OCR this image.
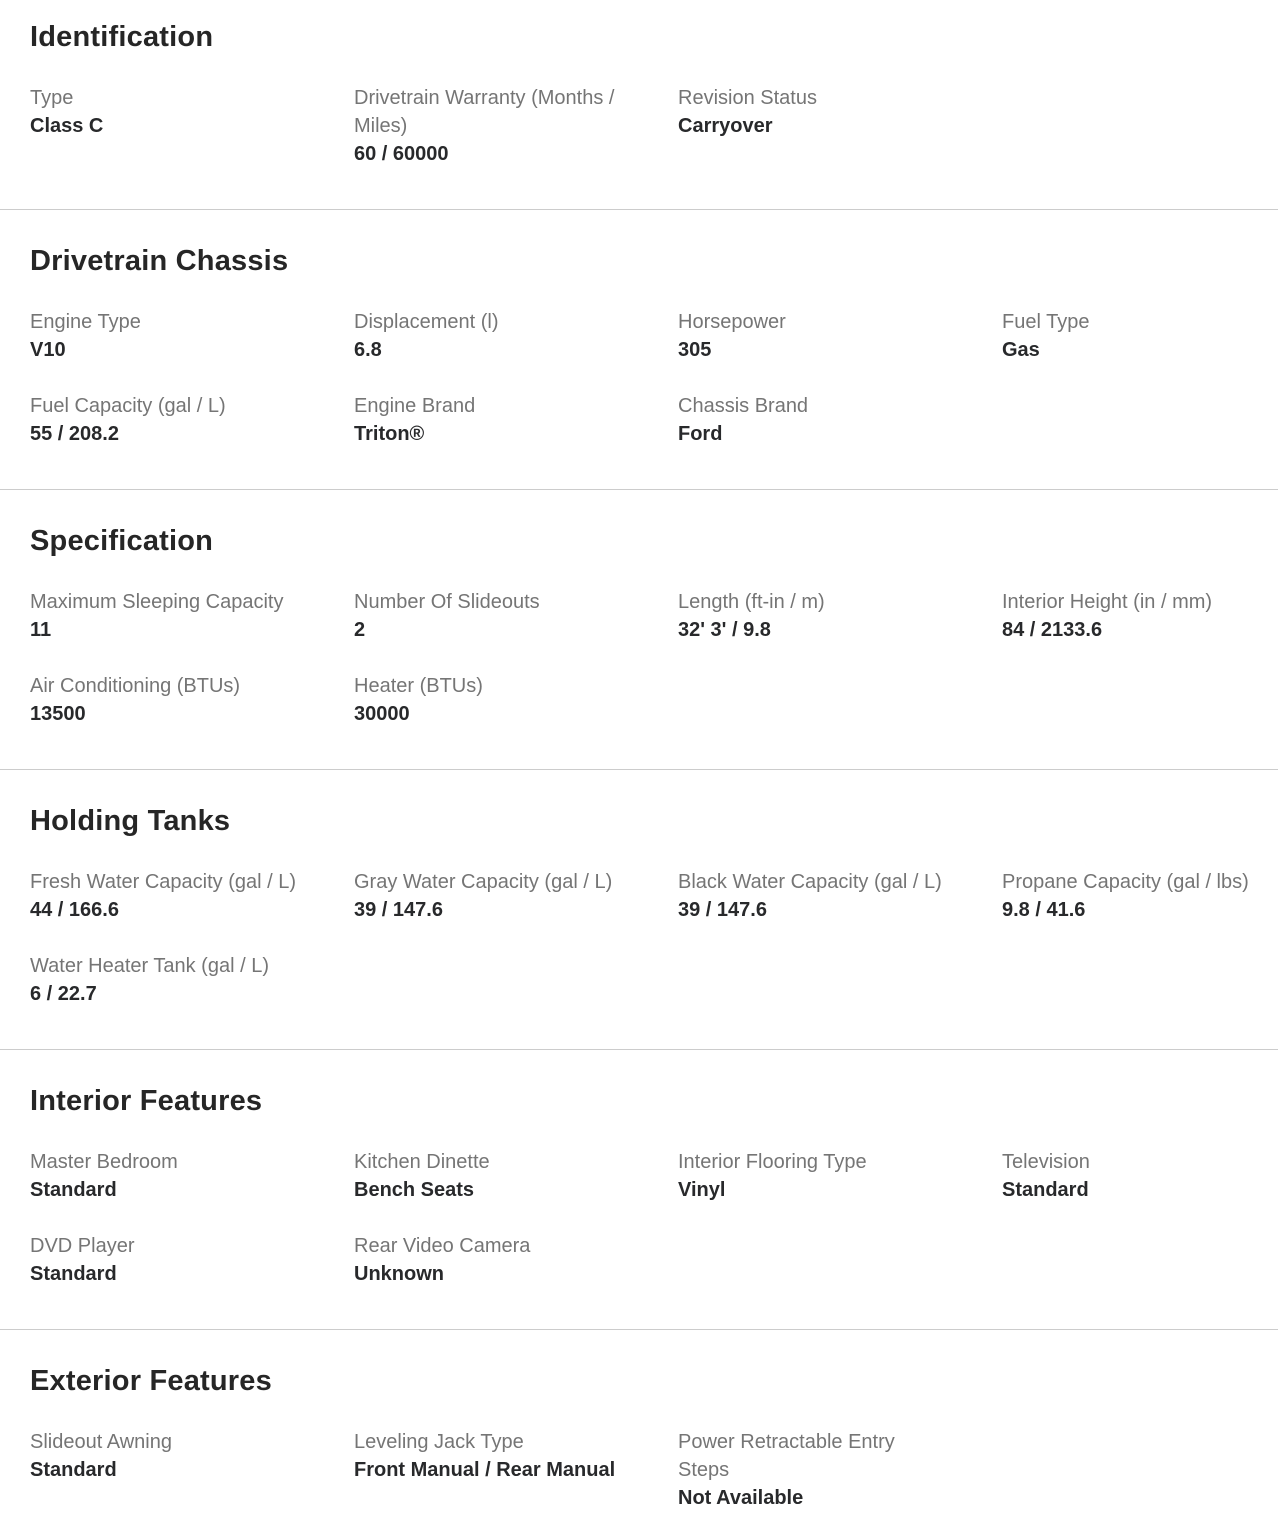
Identification
Type
Class C
Drivetrain Warranty (Months / Miles)
60 / 60000
Revision Status
Carryover
Drivetrain Chassis
Engine Type
V10
Displacement (l)
6.8
Horsepower
305
Fuel Type
Gas
Fuel Capacity (gal / L)
55 / 208.2
Engine Brand
Triton®
Chassis Brand
Ford
Specification
Maximum Sleeping Capacity
11
Number Of Slideouts
2
Length (ft-in / m)
32' 3' / 9.8
Interior Height (in / mm)
84 / 2133.6
Air Conditioning (BTUs)
13500
Heater (BTUs)
30000
Holding Tanks
Fresh Water Capacity (gal / L)
44 / 166.6
Gray Water Capacity (gal / L)
39 / 147.6
Black Water Capacity (gal / L)
39 / 147.6
Propane Capacity (gal / lbs)
9.8 / 41.6
Water Heater Tank (gal / L)
6 / 22.7
Interior Features
Master Bedroom
Standard
Kitchen Dinette
Bench Seats
Interior Flooring Type
Vinyl
Television
Standard
DVD Player
Standard
Rear Video Camera
Unknown
Exterior Features
Slideout Awning
Standard
Leveling Jack Type
Front Manual / Rear Manual
Power Retractable Entry Steps
Not Available
